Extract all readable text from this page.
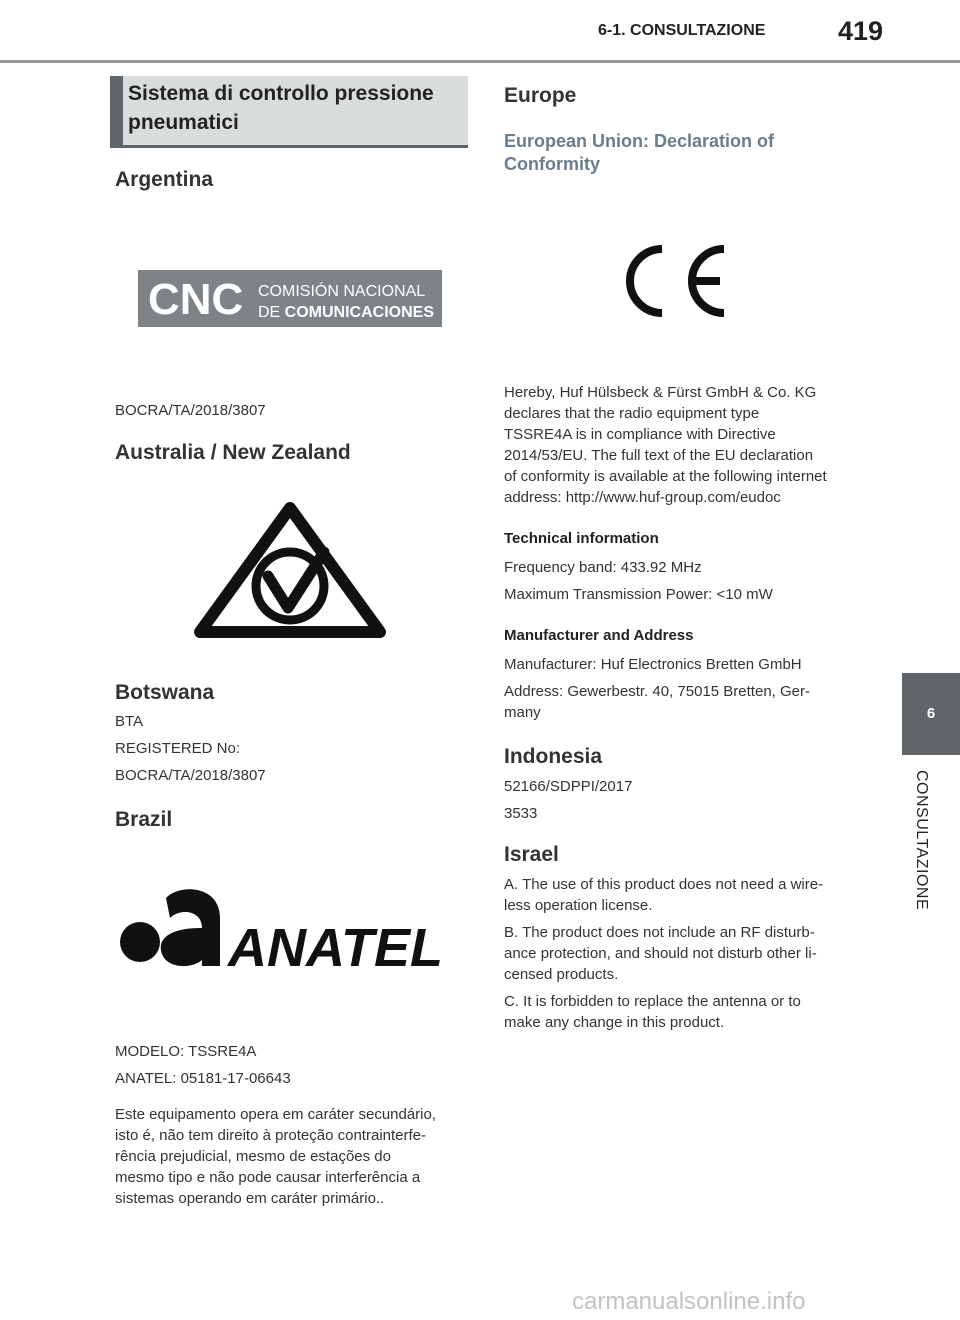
6-1. CONSULTAZIONE	419
Sistema di controllo pressione pneumatici
Argentina
CNC COMISIÓN NACIONAL
DE COMUNICACIONES
BOCRA/TA/2018/3807
Australia / New Zealand
Botswana
BTA
REGISTERED No:
BOCRA/TA/2018/3807
Brazil
ANATEL
MODELO: TSSRE4A
ANATEL: 05181-17-06643
Este equipamento opera em caráter secundário,
isto é, não tem direito à proteção contrainterfe-
rência prejudicial, mesmo de estações do
mesmo tipo e não pode causar interferência a
sistemas operando em caráter primário..
Europe
European Union: Declaration of
Conformity
Hereby, Huf Hülsbeck & Fürst GmbH & Co. KG
declares that the radio equipment type
TSSRE4A is in compliance with Directive
2014/53/EU. The full text of the EU declaration
of conformity is available at the following internet
address: http://www.huf-group.com/eudoc
Technical information
Frequency band: 433.92 MHz
Maximum Transmission Power: <10 mW
Manufacturer and Address
Manufacturer: Huf Electronics Bretten GmbH
Address: Gewerbestr. 40, 75015 Bretten, Ger-
many
Indonesia
52166/SDPPI/2017
3533
Israel
A. The use of this product does not need a wire-
less operation license.
B. The product does not include an RF disturb-
ance protection, and should not disturb other li-
censed products.
C. It is forbidden to replace the antenna or to
make any change in this product.
6
CONSULTAZIONE
carmanualsonline.info
